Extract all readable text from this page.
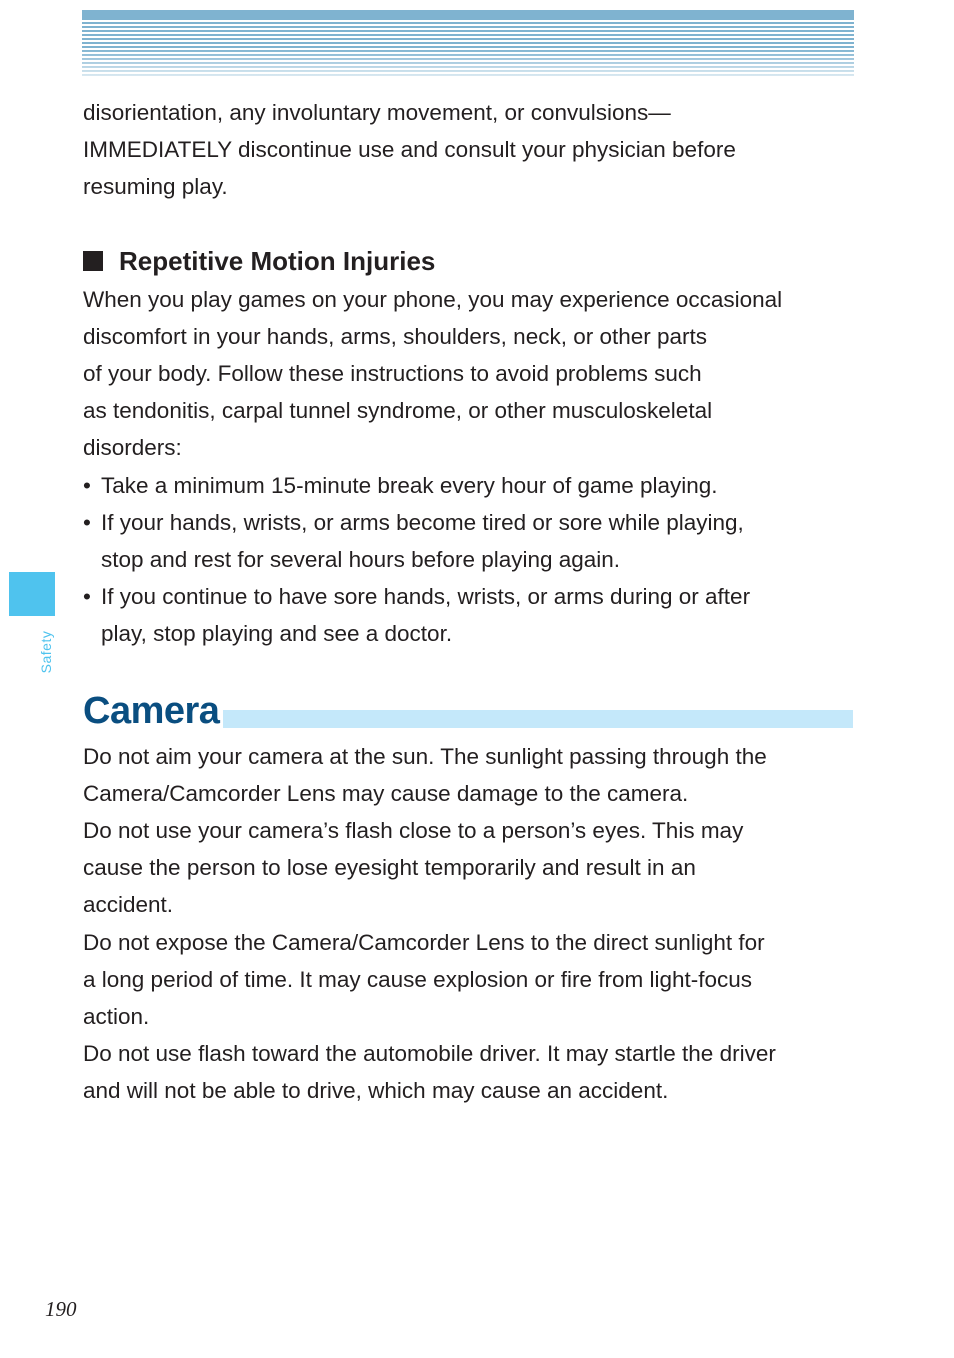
Safety

disorientation, any involuntary movement, or convulsions—
IMMEDIATELY discontinue use and consult your physician before
resuming play.

Repetitive Motion Injuries

When you play games on your phone, you may experience occasional
discomfort in your hands, arms, shoulders, neck, or other parts
of your body. Follow these instructions to avoid problems such
as tendonitis, carpal tunnel syndrome, or other musculoskeletal
disorders:

• Take a minimum 15-minute break every hour of game playing.
• If your hands, wrists, or arms become tired or sore while playing,
stop and rest for several hours before playing again.
• If you continue to have sore hands, wrists, or arms during or after
play, stop playing and see a doctor.
Camera

Do not aim your camera at the sun. The sunlight passing through the
Camera/Camcorder Lens may cause damage to the camera.

Do not use your camera’s flash close to a person’s eyes. This may
cause the person to lose eyesight temporarily and result in an
accident.

Do not expose the Camera/Camcorder Lens to the direct sunlight for
a long period of time. It may cause explosion or fire from light-focus
action.

Do not use flash toward the automobile driver. It may startle the driver
and will not be able to drive, which may cause an accident.

190
